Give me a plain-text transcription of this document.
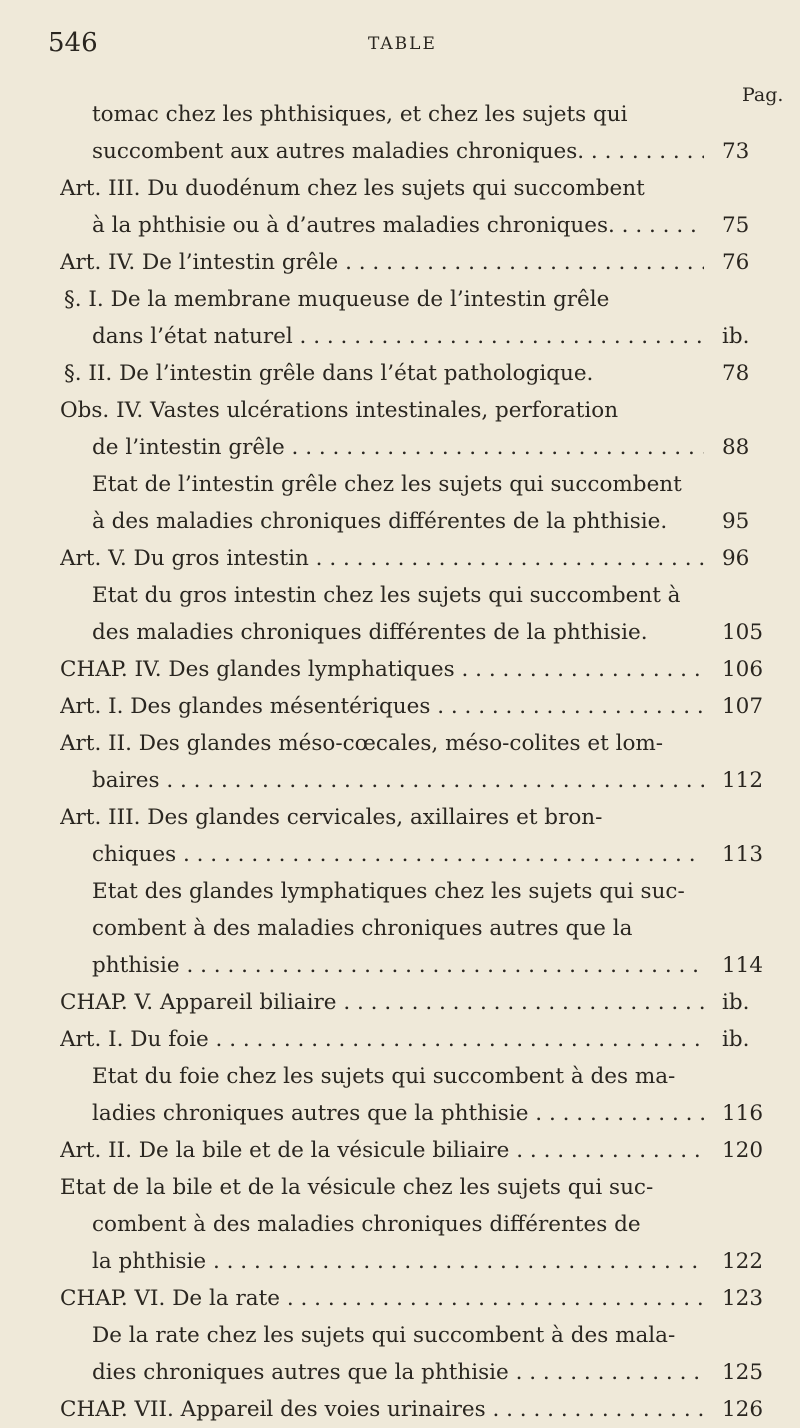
546	TABLE
Pag.
tomac chez les phthisiques, et chez les sujets qui
succombent aux autres maladies chroniques. . . .	73
Art. III. Du duodénum chez les sujets qui succombent
à la phthisie ou à d’autres maladies chroniques. . . .	75
Art. IV. De l’intestin grêle . . .	76
§. I. De la membrane muqueuse de l’intestin grêle
dans l’état naturel . . .	ib.
§. II. De l’intestin grêle dans l’état pathologique.	78
Obs. IV. Vastes ulcérations intestinales, perforation
de l’intestin grêle . . .	88
Etat de l’intestin grêle chez les sujets qui succombent
à des maladies chroniques différentes de la phthisie.	95
Art. V. Du gros intestin . . .	96
Etat du gros intestin chez les sujets qui succombent à
des maladies chroniques différentes de la phthisie.	105
CHAP. IV. Des glandes lymphatiques . . .	106
Art. I. Des glandes mésentériques . . .	107
Art. II. Des glandes méso-cœcales, méso-colites et lom-
baires . . .	112
Art. III. Des glandes cervicales, axillaires et bron-
chiques . . .	113
Etat des glandes lymphatiques chez les sujets qui suc-
combent à des maladies chroniques autres que la
phthisie . . .	114
CHAP. V. Appareil biliaire . . .	ib.
Art. I. Du foie . . .	ib.
Etat du foie chez les sujets qui succombent à des ma-
ladies chroniques autres que la phthisie . . .	116
Art. II. De la bile et de la vésicule biliaire . . .	120
Etat de la bile et de la vésicule chez les sujets qui suc-
combent à des maladies chroniques différentes de
la phthisie . . .	122
CHAP. VI. De la rate . . .	123
De la rate chez les sujets qui succombent à des mala-
dies chroniques autres que la phthisie . . .	125
CHAP. VII. Appareil des voies urinaires . . .	126
